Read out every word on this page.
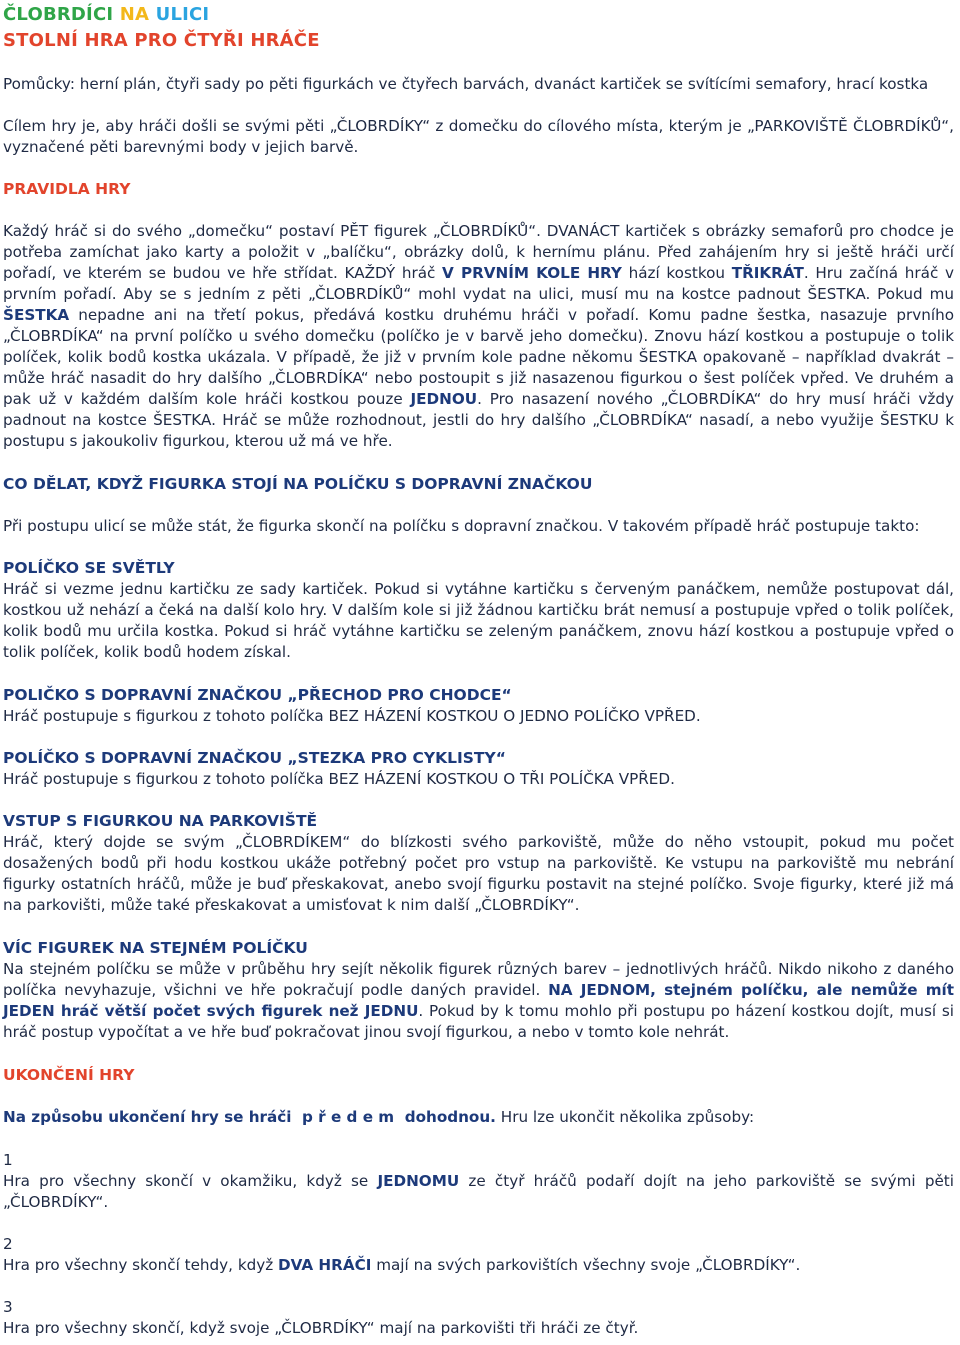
ČLOBRDÍCI NA ULICI
STOLNÍ HRA PRO ČTYŘI HRÁČE
Pomůcky: herní plán, čtyři sady po pěti figurkách ve čtyřech barvách, dvanáct kartiček se svítícími semafory, hrací kostka
Cílem hry je, aby hráči došli se svými pěti „ČLOBRDÍKY“ z domečku do cílového místa, kterým je „PARKOVIŠTĚ ČLOBRDÍKŮ“, vyznačené pěti barevnými body v jejich barvě.
PRAVIDLA HRY
Každý hráč si do svého „domečku“ postaví PĚT figurek „ČLOBRDÍKŮ“. DVANÁCT kartiček s obrázky semaforů pro chodce je potřeba zamíchat jako karty a položit v „balíčku“, obrázky dolů, k hernímu plánu. Před zahájením hry si ještě hráči určí pořadí, ve kterém se budou ve hře střídat. KAŽDÝ hráč V PRVNÍM KOLE HRY hází kostkou TŘIKRÁT. Hru začíná hráč v prvním pořadí. Aby se s jedním z pěti „ČLOBRDÍKŮ“ mohl vydat na ulici, musí mu na kostce padnout ŠESTKA. Pokud mu ŠESTKA nepadne ani na třetí pokus, předává kostku druhému hráči v pořadí. Komu padne šestka, nasazuje prvního „ČLOBRDÍKA“ na první políčko u svého domečku (políčko je v barvě jeho domečku). Znovu hází kostkou a postupuje o tolik políček, kolik bodů kostka ukázala. V případě, že již v prvním kole padne někomu ŠESTKA opakovaně – například dvakrát – může hráč nasadit do hry dalšího „ČLOBRDÍKA“ nebo postoupit s již nasazenou figurkou o šest políček vpřed. Ve druhém a pak už v každém dalším kole hráči kostkou pouze JEDNOU. Pro nasazení nového „ČLOBRDÍKA“ do hry musí hráči vždy padnout na kostce ŠESTKA. Hráč se může rozhodnout, jestli do hry dalšího „ČLOBRDÍKA“ nasadí, a nebo využije ŠESTKU k postupu s jakoukoliv figurkou, kterou už má ve hře.
CO DĚLAT, KDYŽ FIGURKA STOJÍ NA POLÍČKU S DOPRAVNÍ ZNAČKOU
Při postupu ulicí se může stát, že figurka skončí na políčku s dopravní značkou. V takovém případě hráč postupuje takto:
POLÍČKO SE SVĚTLY
Hráč si vezme jednu kartičku ze sady kartiček. Pokud si vytáhne kartičku s červeným panáčkem, nemůže postupovat dál, kostkou už nehází a čeká na další kolo hry. V dalším kole si již žádnou kartičku brát nemusí a postupuje vpřed o tolik políček, kolik bodů mu určila kostka. Pokud si hráč vytáhne kartičku se zeleným panáčkem, znovu hází kostkou a postupuje vpřed o tolik políček, kolik bodů hodem získal.
POLIČKO S DOPRAVNÍ ZNAČKOU „PŘECHOD PRO CHODCE“
Hráč postupuje s figurkou z tohoto políčka BEZ HÁZENÍ KOSTKOU O JEDNO POLÍČKO VPŘED.
POLÍČKO S DOPRAVNÍ ZNAČKOU „STEZKA PRO CYKLISTY“
Hráč postupuje s figurkou z tohoto políčka BEZ HÁZENÍ KOSTKOU O TŘI POLÍČKA VPŘED.
VSTUP S FIGURKOU NA PARKOVIŠTĚ
Hráč, který dojde se svým „ČLOBRDÍKEM“ do blízkosti svého parkoviště, můžе do něho vstoupit, pokud mu počet dosažených bodů při hodu kostkou ukáže potřebný počet pro vstup na parkoviště. Ke vstupu na parkoviště mu nebrání figurky ostatních hráčů, může je buď přeskakovat, anebo svojí figurku postavit na stejné políčko. Svoje figurky, které již má na parkovišti, může také přeskakovat a umisťovat k nim další „ČLOBRDÍKY“.
VÍC FIGUREK NA STEJNÉM POLÍČKU
Na stejném políčku se může v průběhu hry sejít několik figurek různých barev – jednotlivých hráčů. Nikdo nikoho z daného políčka nevyhazuje, všichni ve hře pokračují podle daných pravidel. NA JEDNOM, stejném políčku, ale nemůže mít JEDEN hráč větší počet svých figurek než JEDNU. Pokud by k tomu mohlo při postupu po házení kostkou dojít, musí si hráč postup vypočítat a ve hře buď pokračovat jinou svojí figurkou, a nebo v tomto kole nehrát.
UKONČENÍ HRY
Na způsobu ukončení hry se hráči  p ř e d e m  dohodnou. Hru lze ukončit několika způsoby:
1
Hra pro všechny skončí v okamžiku, když se JEDNOMU ze čtyř hráčů podaří dojít na jeho parkoviště se svými pěti „ČLOBRDÍKY“.
2
Hra pro všechny skončí tehdy, když DVA HRÁČI mají na svých parkovištích všechny svoje „ČLOBRDÍKY“.
3
Hra pro všechny skončí, když svoje „ČLOBRDÍKY“ mají na parkovišti tři hráči ze čtyř.
